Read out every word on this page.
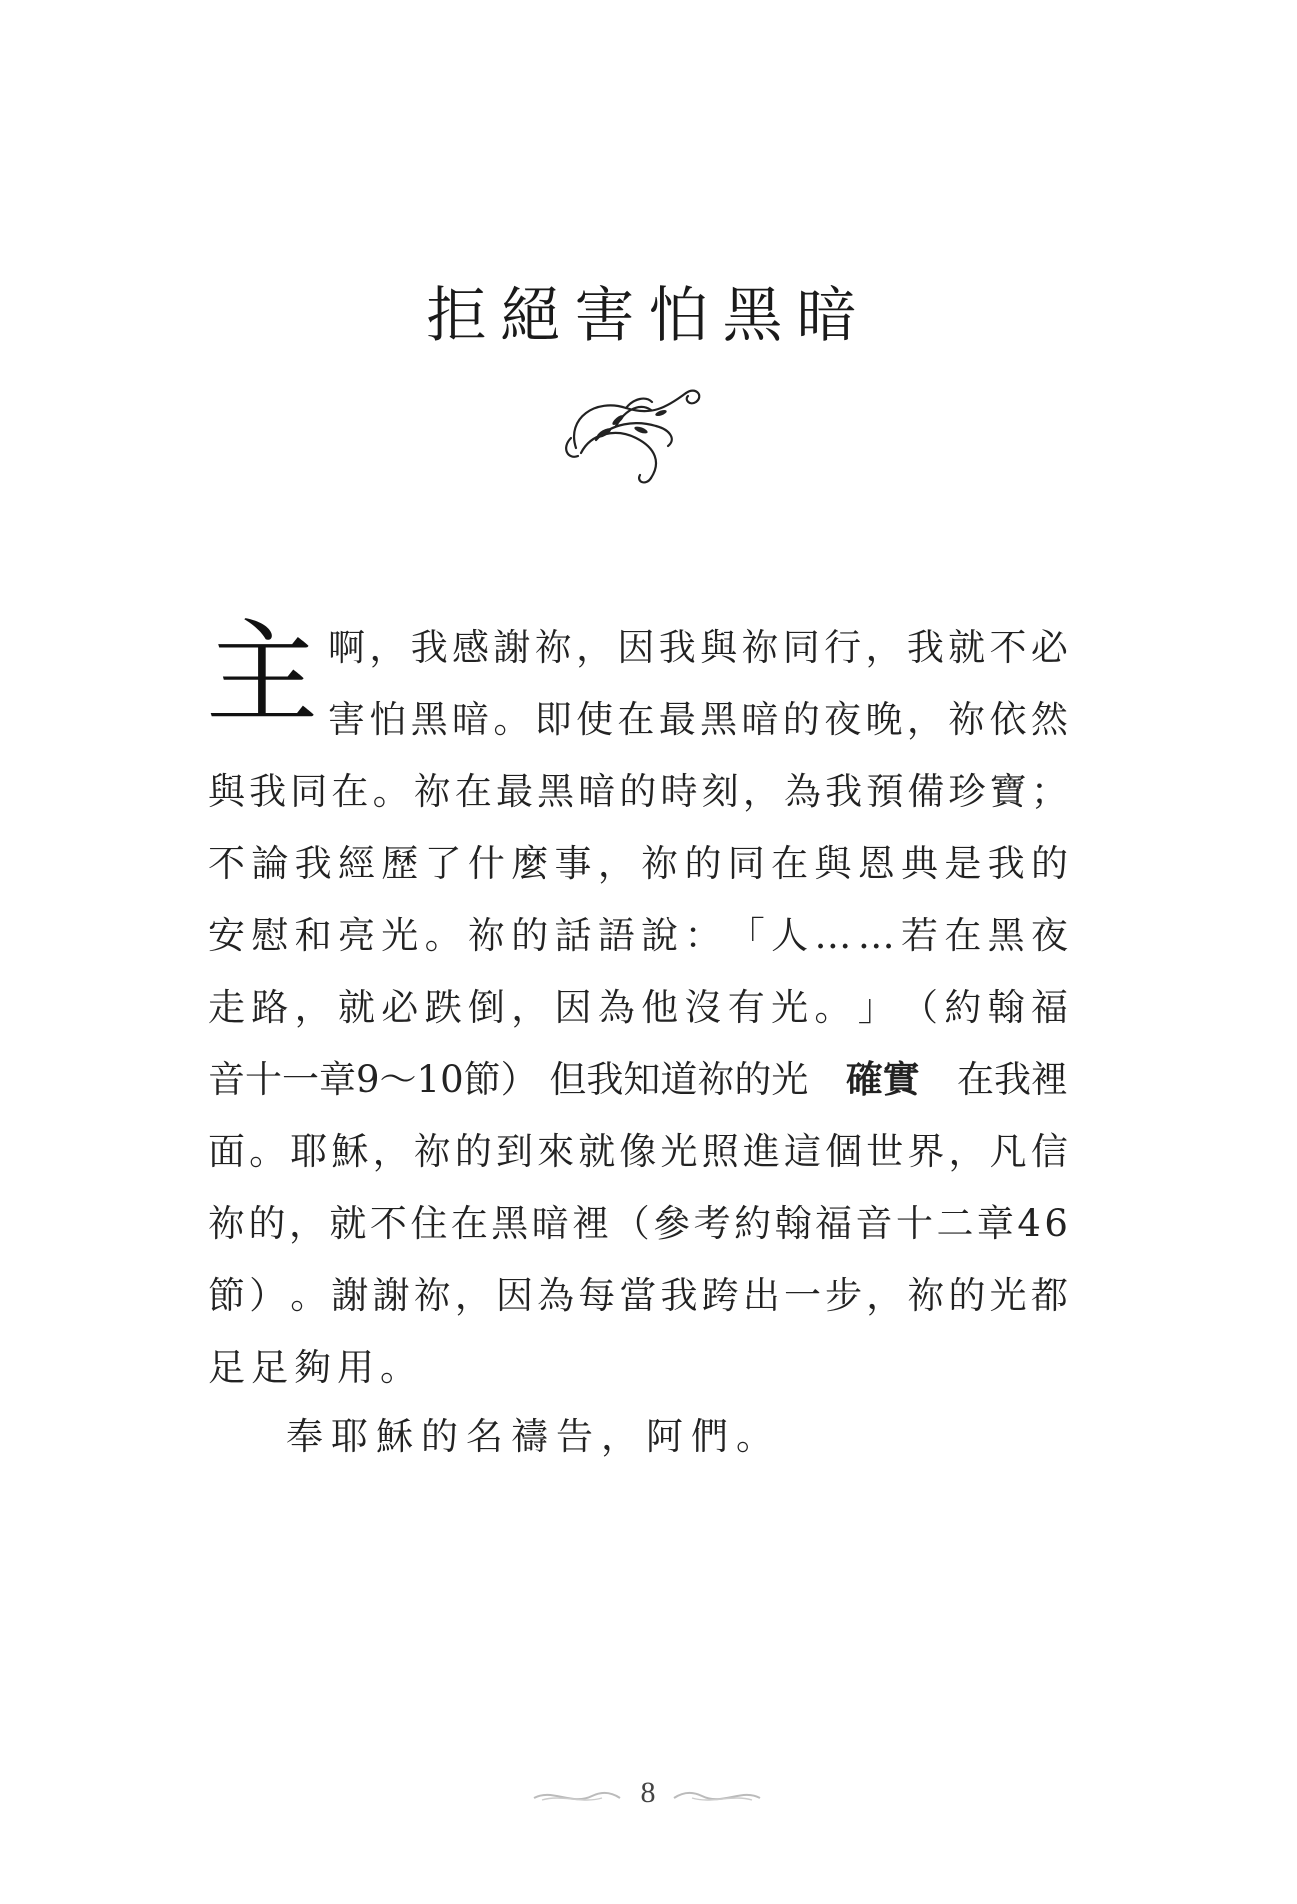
拒絕害怕黑暗
主 啊 ， 我 感 謝 祢 ， 因 我 與 祢 同 行 ， 我 就 不 必
害 怕 黑 暗 。 即 使 在 最 黑 暗 的 夜 晚 ， 祢 依 然
與 我 同 在 。 祢 在 最 黑 暗 的 時 刻 ， 為 我 預 備 珍 寶 ；
不 論 我 經 歷 了 什 麼 事 ， 祢 的 同 在 與 恩 典 是 我 的
安 慰 和 亮 光 。 祢 的 話 語 說 ： 「 人 … … 若 在 黑 夜
走 路 ， 就 必 跌 倒 ， 因 為 他 沒 有 光 。 」 （ 約 翰 福
音十一章9～10節） 但我知道祢的光 確實 在我裡
面 。 耶 穌 ， 祢 的 到 來 就 像 光 照 進 這 個 世 界 ， 凡 信
祢 的 ， 就 不 住 在 黑 暗 裡 （ 參 考 約 翰 福 音 十 二 章 4 6
節 ） 。 謝 謝 祢 ， 因 為 每 當 我 跨 出 一 步 ， 祢 的 光 都
足足夠用。
奉耶穌的名禱告，阿們。
8
